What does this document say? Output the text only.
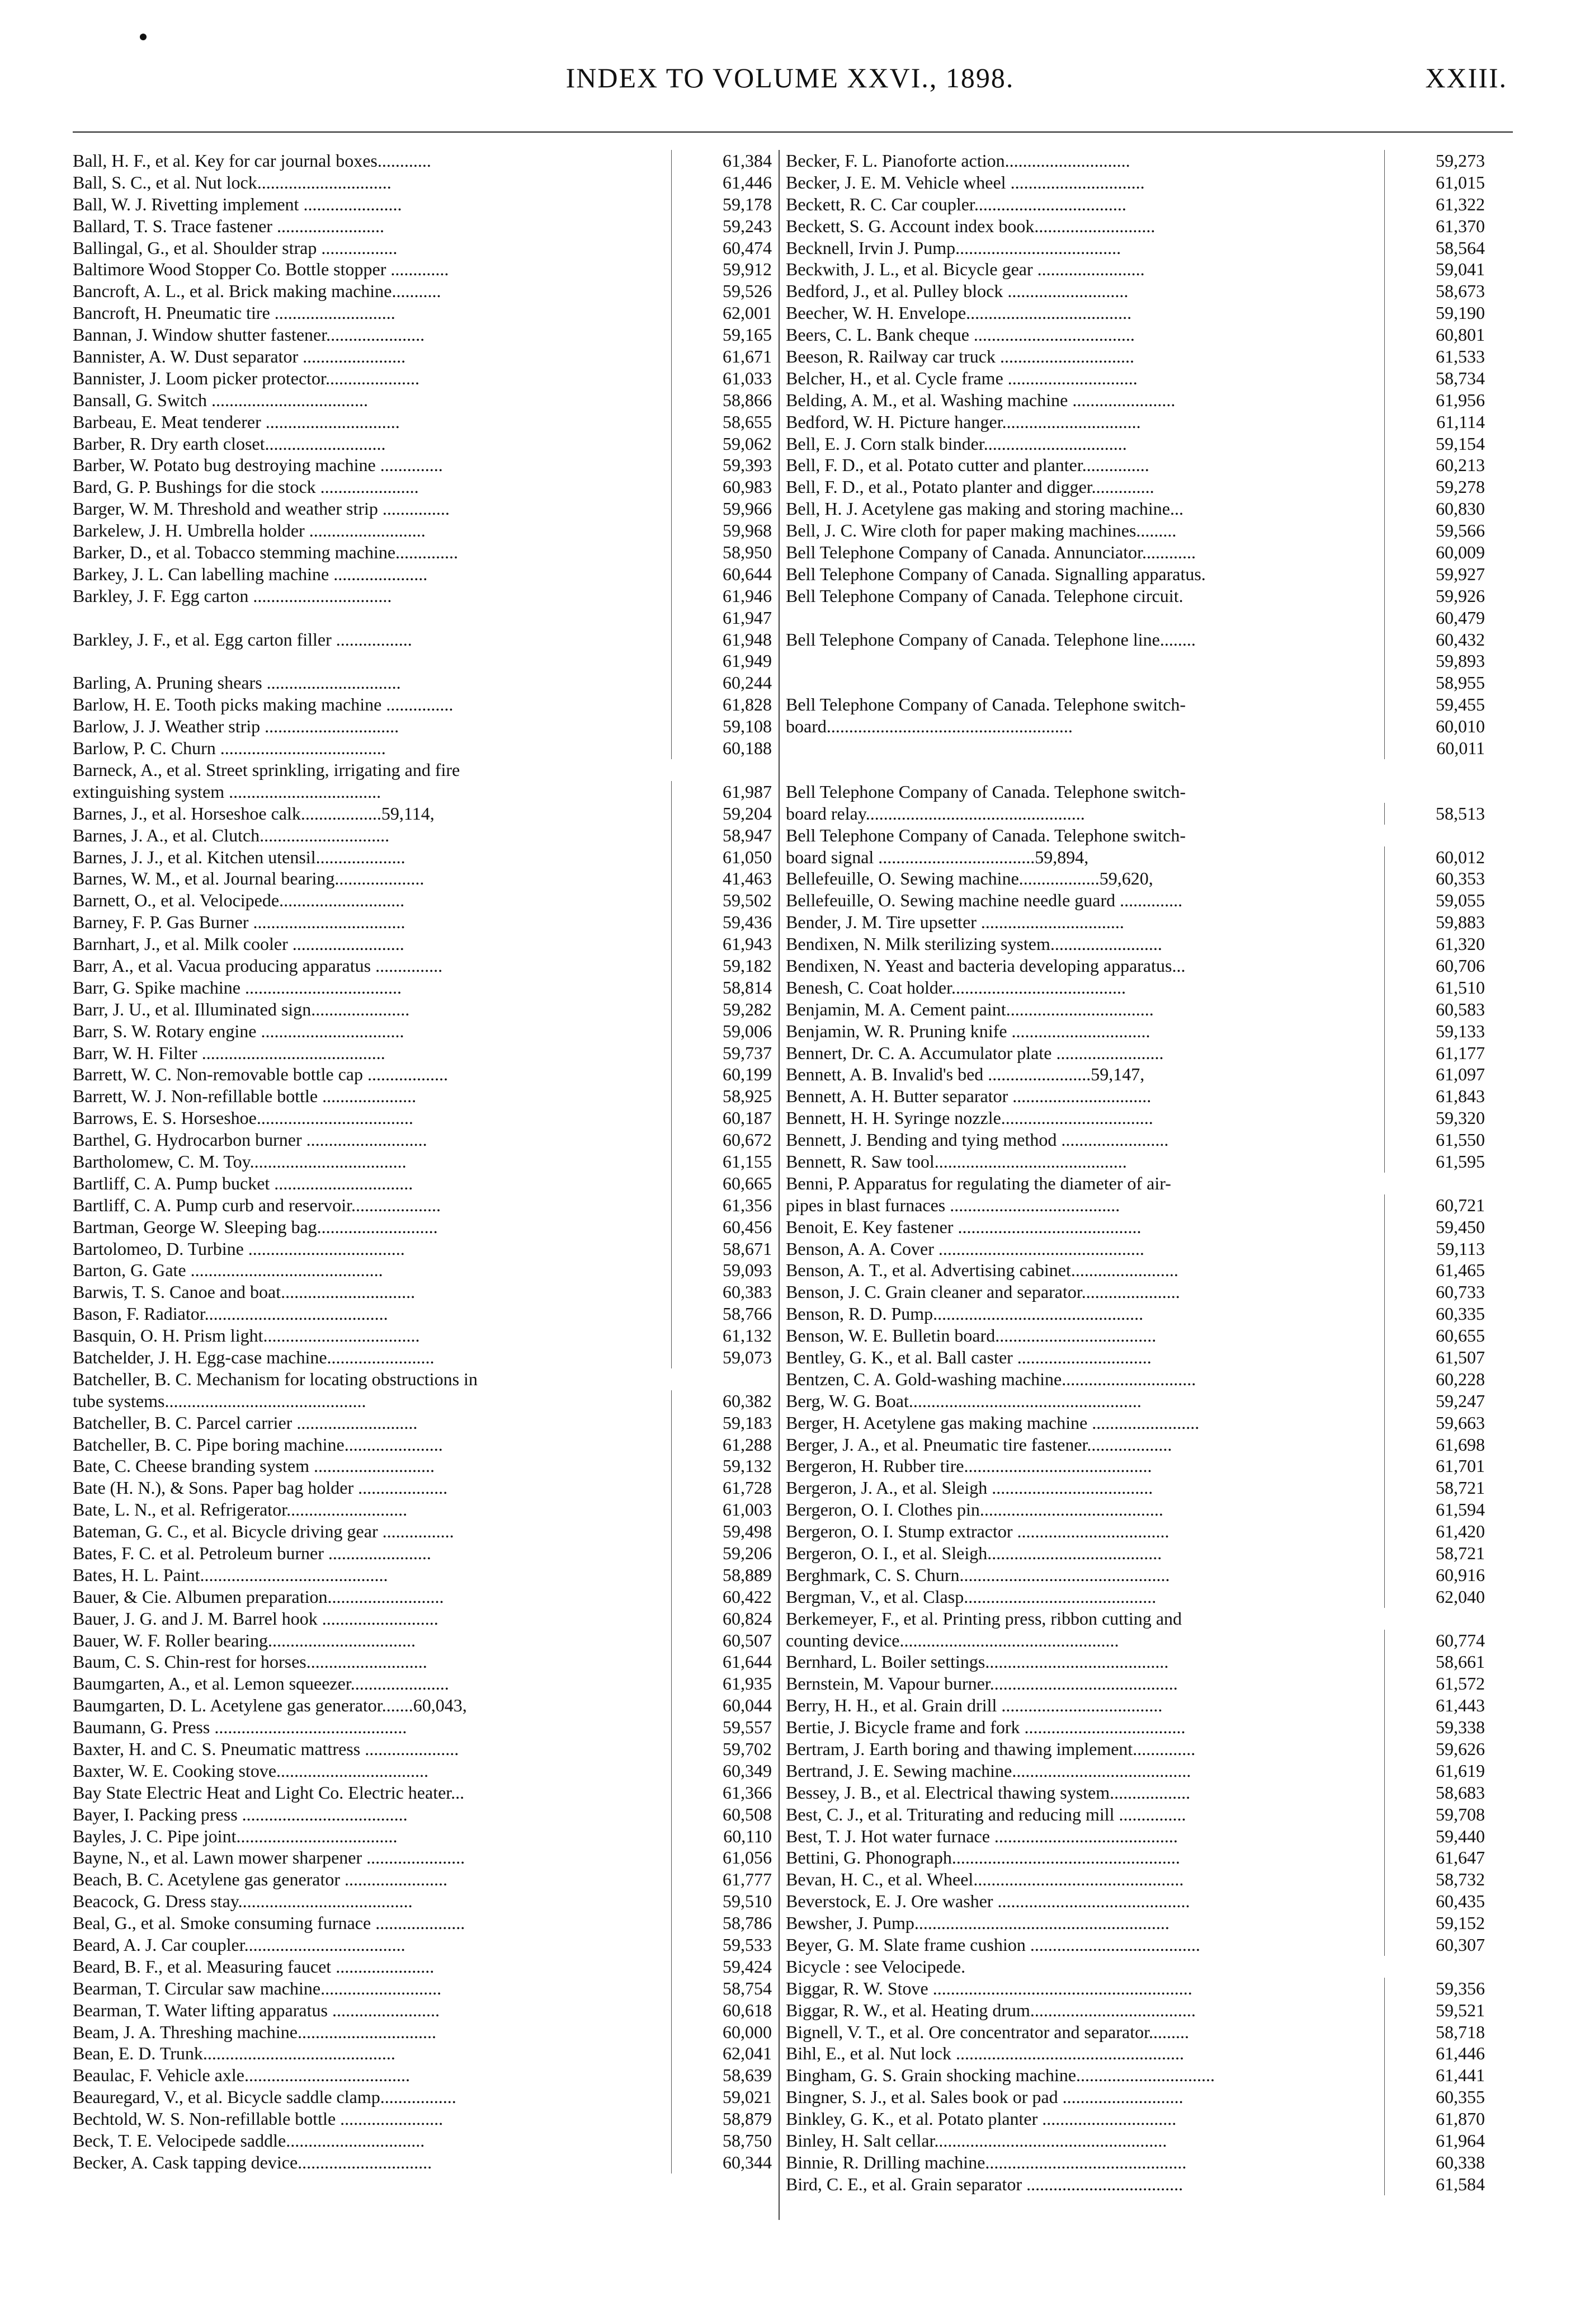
INDEX TO VOLUME XXVI., 1898.	XXIII.
Ball, H. F., et al. Key for car journal boxes............	61,384
Ball, S. C., et al. Nut lock..............................	61,446
Ball, W. J. Rivetting implement ......................	59,178
Ballard, T. S. Trace fastener ........................	59,243
Ballingal, G., et al. Shoulder strap .................	60,474
Baltimore Wood Stopper Co. Bottle stopper .............	59,912
Bancroft, A. L., et al. Brick making machine...........	59,526
Bancroft, H. Pneumatic tire ...........................	62,001
Bannan, J. Window shutter fastener......................	59,165
Bannister, A. W. Dust separator .......................	61,671
Bannister, J. Loom picker protector.....................	61,033
Bansall, G. Switch ...................................	58,866
Barbeau, E. Meat tenderer ..............................	58,655
Barber, R. Dry earth closet...........................	59,062
Barber, W. Potato bug destroying machine ..............	59,393
Bard, G. P. Bushings for die stock ......................	60,983
Barger, W. M. Threshold and weather strip ...............	59,966
Barkelew, J. H. Umbrella holder ..........................	59,968
Barker, D., et al. Tobacco stemming machine..............	58,950
Barkey, J. L. Can labelling machine .....................	60,644
Barkley, J. F. Egg carton ...............................	61,946
61,947
Barkley, J. F., et al. Egg carton filler .................	61,948
61,949
Barling, A. Pruning shears ..............................	60,244
Barlow, H. E. Tooth picks making machine ...............	61,828
Barlow, J. J. Weather strip ..............................	59,108
Barlow, P. C. Churn .....................................	60,188
Barneck, A., et al. Street sprinkling, irrigating and fire
extinguishing system ..................................	61,987
Barnes, J., et al. Horseshoe calk..................59,114,	59,204
Barnes, J. A., et al. Clutch.............................	58,947
Barnes, J. J., et al. Kitchen utensil....................	61,050
Barnes, W. M., et al. Journal bearing....................	41,463
Barnett, O., et al. Velocipede............................	59,502
Barney, F. P. Gas Burner ..................................	59,436
Barnhart, J., et al. Milk cooler .........................	61,943
Barr, A., et al. Vacua producing apparatus ...............	59,182
Barr, G. Spike machine ...................................	58,814
Barr, J. U., et al. Illuminated sign......................	59,282
Barr, S. W. Rotary engine ................................	59,006
Barr, W. H. Filter .........................................	59,737
Barrett, W. C. Non-removable bottle cap ..................	60,199
Barrett, W. J. Non-refillable bottle .....................	58,925
Barrows, E. S. Horseshoe...................................	60,187
Barthel, G. Hydrocarbon burner ...........................	60,672
Bartholomew, C. M. Toy...................................	61,155
Bartliff, C. A. Pump bucket ...............................	60,665
Bartliff, C. A. Pump curb and reservoir....................	61,356
Bartman, George W. Sleeping bag...........................	60,456
Bartolomeo, D. Turbine ...................................	58,671
Barton, G. Gate ...........................................	59,093
Barwis, T. S. Canoe and boat..............................	60,383
Bason, F. Radiator.........................................	58,766
Basquin, O. H. Prism light...................................	61,132
Batchelder, J. H. Egg-case machine........................	59,073
Batcheller, B. C. Mechanism for locating obstructions in
tube systems.............................................	60,382
Batcheller, B. C. Parcel carrier ...........................	59,183
Batcheller, B. C. Pipe boring machine......................	61,288
Bate, C. Cheese branding system ...........................	59,132
Bate (H. N.), & Sons. Paper bag holder ....................	61,728
Bate, L. N., et al. Refrigerator...........................	61,003
Bateman, G. C., et al. Bicycle driving gear ................	59,498
Bates, F. C. et al. Petroleum burner .......................	59,206
Bates, H. L. Paint..........................................	58,889
Bauer, & Cie. Albumen preparation..........................	60,422
Bauer, J. G. and J. M. Barrel hook ..........................	60,824
Bauer, W. F. Roller bearing.................................	60,507
Baum, C. S. Chin-rest for horses...........................	61,644
Baumgarten, A., et al. Lemon squeezer......................	61,935
Baumgarten, D. L. Acetylene gas generator.......60,043,	60,044
Baumann, G. Press ...........................................	59,557
Baxter, H. and C. S. Pneumatic mattress .....................	59,702
Baxter, W. E. Cooking stove..................................	60,349
Bay State Electric Heat and Light Co. Electric heater...	61,366
Bayer, I. Packing press .....................................	60,508
Bayles, J. C. Pipe joint....................................	60,110
Bayne, N., et al. Lawn mower sharpener ......................	61,056
Beach, B. C. Acetylene gas generator .......................	61,777
Beacock, G. Dress stay.......................................	59,510
Beal, G., et al. Smoke consuming furnace ....................	58,786
Beard, A. J. Car coupler....................................	59,533
Beard, B. F., et al. Measuring faucet ......................	59,424
Bearman, T. Circular saw machine...........................	58,754
Bearman, T. Water lifting apparatus ........................	60,618
Beam, J. A. Threshing machine...............................	60,000
Bean, E. D. Trunk...........................................	62,041
Beaulac, F. Vehicle axle.....................................	58,639
Beauregard, V., et al. Bicycle saddle clamp.................	59,021
Bechtold, W. S. Non-refillable bottle .......................	58,879
Beck, T. E. Velocipede saddle...............................	58,750
Becker, A. Cask tapping device..............................	60,344
Becker, F. L. Pianoforte action............................	59,273
Becker, J. E. M. Vehicle wheel ..............................	61,015
Beckett, R. C. Car coupler..................................	61,322
Beckett, S. G. Account index book...........................	61,370
Becknell, Irvin J. Pump.....................................	58,564
Beckwith, J. L., et al. Bicycle gear ........................	59,041
Bedford, J., et al. Pulley block ...........................	58,673
Beecher, W. H. Envelope.....................................	59,190
Beers, C. L. Bank cheque ....................................	60,801
Beeson, R. Railway car truck ..............................	61,533
Belcher, H., et al. Cycle frame .............................	58,734
Belding, A. M., et al. Washing machine .......................	61,956
Bedford, W. H. Picture hanger...............................	61,114
Bell, E. J. Corn stalk binder................................	59,154
Bell, F. D., et al. Potato cutter and planter...............	60,213
Bell, F. D., et al., Potato planter and digger..............	59,278
Bell, H. J. Acetylene gas making and storing machine...	60,830
Bell, J. C. Wire cloth for paper making machines.........	59,566
Bell Telephone Company of Canada. Annunciator............	60,009
Bell Telephone Company of Canada. Signalling apparatus.	59,927
Bell Telephone Company of Canada. Telephone circuit.	59,926
60,479
Bell Telephone Company of Canada. Telephone line........	60,432
59,893
58,955
Bell Telephone Company of Canada. Telephone switch-	59,455
board.......................................................	60,010
60,011
Bell Telephone Company of Canada. Telephone switch-
board relay.................................................	58,513
Bell Telephone Company of Canada. Telephone switch-
board signal ...................................59,894,	60,012
Bellefeuille, O. Sewing machine..................59,620,	60,353
Bellefeuille, O. Sewing machine needle guard ..............	59,055
Bender, J. M. Tire upsetter ................................	59,883
Bendixen, N. Milk sterilizing system.........................	61,320
Bendixen, N. Yeast and bacteria developing apparatus...	60,706
Benesh, C. Coat holder.......................................	61,510
Benjamin, M. A. Cement paint.................................	60,583
Benjamin, W. R. Pruning knife ...............................	59,133
Bennert, Dr. C. A. Accumulator plate ........................	61,177
Bennett, A. B. Invalid's bed .......................59,147,	61,097
Bennett, A. H. Butter separator ...............................	61,843
Bennett, H. H. Syringe nozzle..................................	59,320
Bennett, J. Bending and tying method ........................	61,550
Bennett, R. Saw tool...........................................	61,595
Benni, P. Apparatus for regulating the diameter of air-
pipes in blast furnaces ......................................	60,721
Benoit, E. Key fastener .........................................	59,450
Benson, A. A. Cover ..............................................	59,113
Benson, A. T., et al. Advertising cabinet........................	61,465
Benson, J. C. Grain cleaner and separator......................	60,733
Benson, R. D. Pump...............................................	60,335
Benson, W. E. Bulletin board....................................	60,655
Bentley, G. K., et al. Ball caster ..............................	61,507
Bentzen, C. A. Gold-washing machine..............................	60,228
Berg, W. G. Boat....................................................	59,247
Berger, H. Acetylene gas making machine ........................	59,663
Berger, J. A., et al. Pneumatic tire fastener...................	61,698
Bergeron, H. Rubber tire..........................................	61,701
Bergeron, J. A., et al. Sleigh ....................................	58,721
Bergeron, O. I. Clothes pin.........................................	61,594
Bergeron, O. I. Stump extractor ..................................	61,420
Bergeron, O. I., et al. Sleigh.......................................	58,721
Berghmark, C. S. Churn...............................................	60,916
Bergman, V., et al. Clasp...........................................	62,040
Berkemeyer, F., et al. Printing press, ribbon cutting and
counting device.................................................	60,774
Bernhard, L. Boiler settings.........................................	58,661
Bernstein, M. Vapour burner..........................................	61,572
Berry, H. H., et al. Grain drill ....................................	61,443
Bertie, J. Bicycle frame and fork ....................................	59,338
Bertram, J. Earth boring and thawing implement..............	59,626
Bertrand, J. E. Sewing machine........................................	61,619
Bessey, J. B., et al. Electrical thawing system..................	58,683
Best, C. J., et al. Triturating and reducing mill ...............	59,708
Best, T. J. Hot water furnace .........................................	59,440
Bettini, G. Phonograph...................................................	61,647
Bevan, H. C., et al. Wheel...............................................	58,732
Beverstock, E. J. Ore washer ...........................................	60,435
Bewsher, J. Pump.........................................................	59,152
Beyer, G. M. Slate frame cushion ......................................	60,307
Bicycle : see Velocipede.
Biggar, R. W. Stove ..........................................................	59,356
Biggar, R. W., et al. Heating drum.....................................	59,521
Bignell, V. T., et al. Ore concentrator and separator.........	58,718
Bihl, E., et al. Nut lock ...................................................	61,446
Bingham, G. S. Grain shocking machine...............................	61,441
Bingner, S. J., et al. Sales book or pad ...........................	60,355
Binkley, G. K., et al. Potato planter ..............................	61,870
Binley, H. Salt cellar....................................................	61,964
Binnie, R. Drilling machine.............................................	60,338
Bird, C. E., et al. Grain separator ...................................	61,584
